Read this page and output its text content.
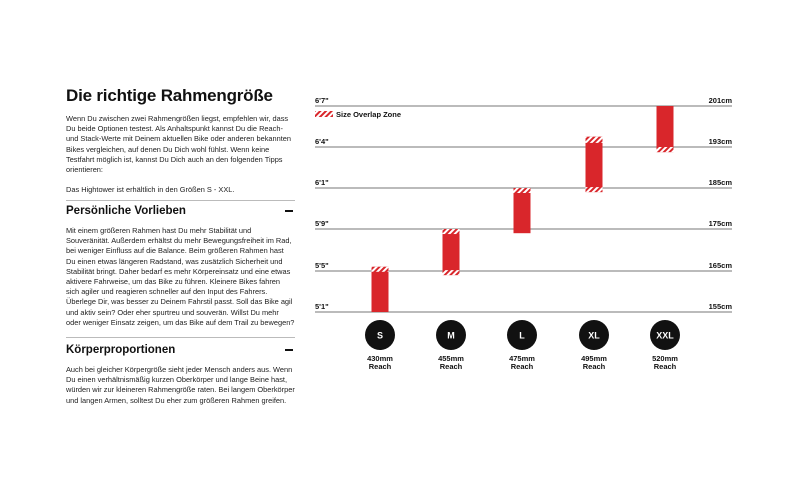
Die richtige Rahmengröße

Wenn Du zwischen zwei Rahmengrößen liegst, empfehlen wir, dass Du beide Optionen testest. Als Anhaltspunkt kannst Du die Reach- und Stack-Werte mit Deinem aktuellen Bike oder anderen bekannten Bikes vergleichen, auf denen Du Dich wohl fühlst. Wenn keine Testfahrt möglich ist, kannst Du Dich auch an den folgenden Tipps orientieren:

Das Hightower ist erhältlich in den Größen S - XXL.

Persönliche Vorlieben

Mit einem größeren Rahmen hast Du mehr Stabilität und Souveränität. Außerdem erhältst du mehr Bewegungsfreiheit im Rad, bei weniger Einfluss auf die Balance. Beim größeren Rahmen hast Du einen etwas längeren Radstand, was zusätzlich Sicherheit und Stabilität bringt. Daher bedarf es mehr Körpereinsatz und eine etwas aktivere Fahrweise, um das Bike zu führen. Kleinere Bikes fahren sich agiler und reagieren schneller auf den Input des Fahrers. Überlege Dir, was besser zu Deinem Fahrstil passt. Soll das Bike agil und aktiv sein? Oder eher spurtreu und souverän. Willst Du mehr oder weniger Einsatz zeigen, um das Bike auf dem Trail zu bewegen?

Körperproportionen

Auch bei gleicher Körpergröße sieht jeder Mensch anders aus. Wenn Du einen verhältnismäßig kurzen Oberkörper und lange Beine hast, würden wir zur kleineren Rahmengröße raten. Bei langem Oberkörper und langen Armen, solltest Du eher zum größeren Rahmen greifen.

6'7"	201cm
6'4"	193cm
6'1"	185cm
5'9"	175cm
5'5"	165cm
5'1"	155cm
Size Overlap Zone
S
430mm
Reach
M
455mm
Reach
L
475mm
Reach
XL
495mm
Reach
XXL
520mm
Reach
